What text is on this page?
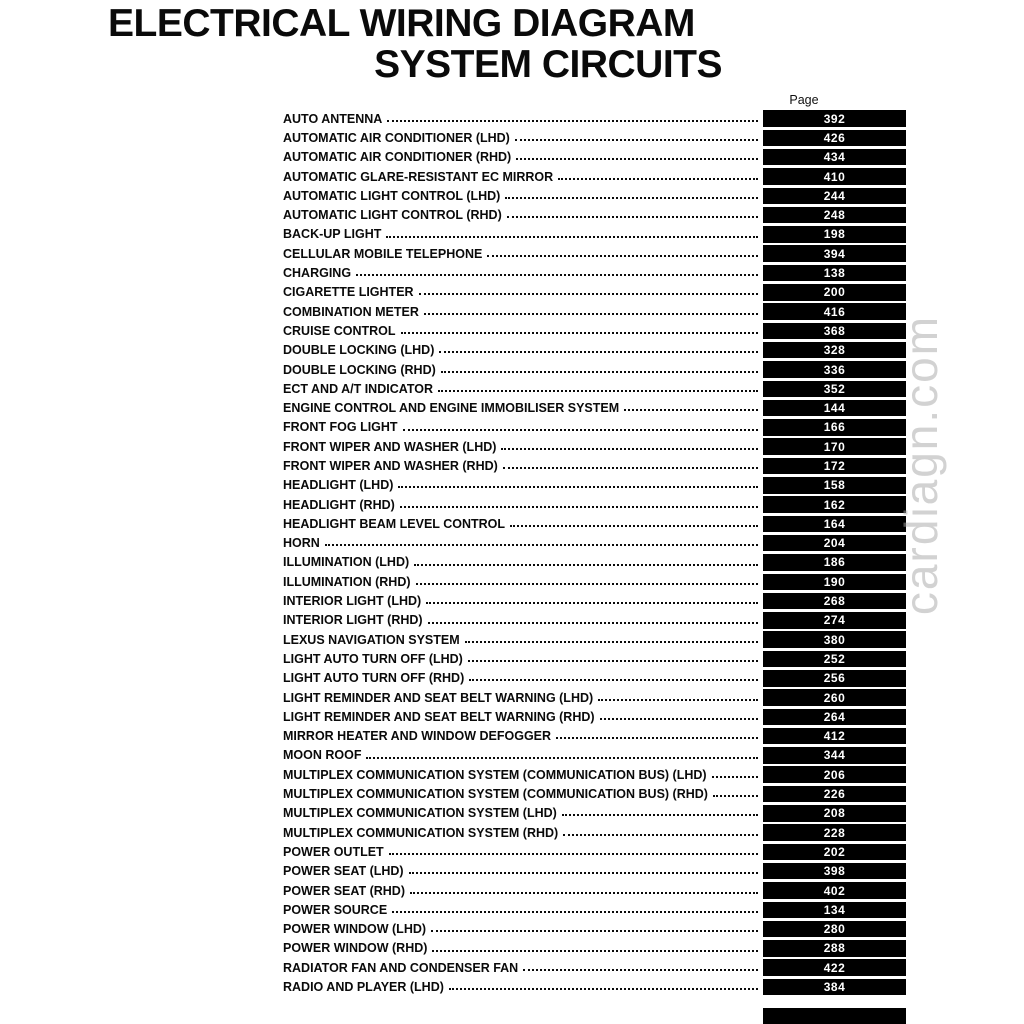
ELECTRICAL WIRING DIAGRAM
SYSTEM CIRCUITS
Page
AUTO ANTENNA	392
AUTOMATIC AIR CONDITIONER (LHD)	426
AUTOMATIC AIR CONDITIONER (RHD)	434
AUTOMATIC GLARE-RESISTANT EC MIRROR	410
AUTOMATIC LIGHT CONTROL (LHD)	244
AUTOMATIC LIGHT CONTROL (RHD)	248
BACK-UP LIGHT	198
CELLULAR MOBILE TELEPHONE	394
CHARGING	138
CIGARETTE LIGHTER	200
COMBINATION METER	416
CRUISE CONTROL	368
DOUBLE LOCKING (LHD)	328
DOUBLE LOCKING (RHD)	336
ECT AND A/T INDICATOR	352
ENGINE CONTROL AND ENGINE IMMOBILISER SYSTEM	144
FRONT FOG LIGHT	166
FRONT WIPER AND WASHER (LHD)	170
FRONT WIPER AND WASHER (RHD)	172
HEADLIGHT (LHD)	158
HEADLIGHT (RHD)	162
HEADLIGHT BEAM LEVEL CONTROL	164
HORN	204
ILLUMINATION (LHD)	186
ILLUMINATION (RHD)	190
INTERIOR LIGHT (LHD)	268
INTERIOR LIGHT (RHD)	274
LEXUS NAVIGATION SYSTEM	380
LIGHT AUTO TURN OFF (LHD)	252
LIGHT AUTO TURN OFF (RHD)	256
LIGHT REMINDER AND SEAT BELT WARNING (LHD)	260
LIGHT REMINDER AND SEAT BELT WARNING (RHD)	264
MIRROR HEATER AND WINDOW DEFOGGER	412
MOON ROOF	344
MULTIPLEX COMMUNICATION SYSTEM (COMMUNICATION BUS) (LHD)	206
MULTIPLEX COMMUNICATION SYSTEM (COMMUNICATION BUS) (RHD)	226
MULTIPLEX COMMUNICATION SYSTEM (LHD)	208
MULTIPLEX COMMUNICATION SYSTEM (RHD)	228
POWER OUTLET	202
POWER SEAT (LHD)	398
POWER SEAT (RHD)	402
POWER SOURCE	134
POWER WINDOW (LHD)	280
POWER WINDOW (RHD)	288
RADIATOR FAN AND CONDENSER FAN	422
RADIO AND PLAYER (LHD)	384
cardiagn.com
